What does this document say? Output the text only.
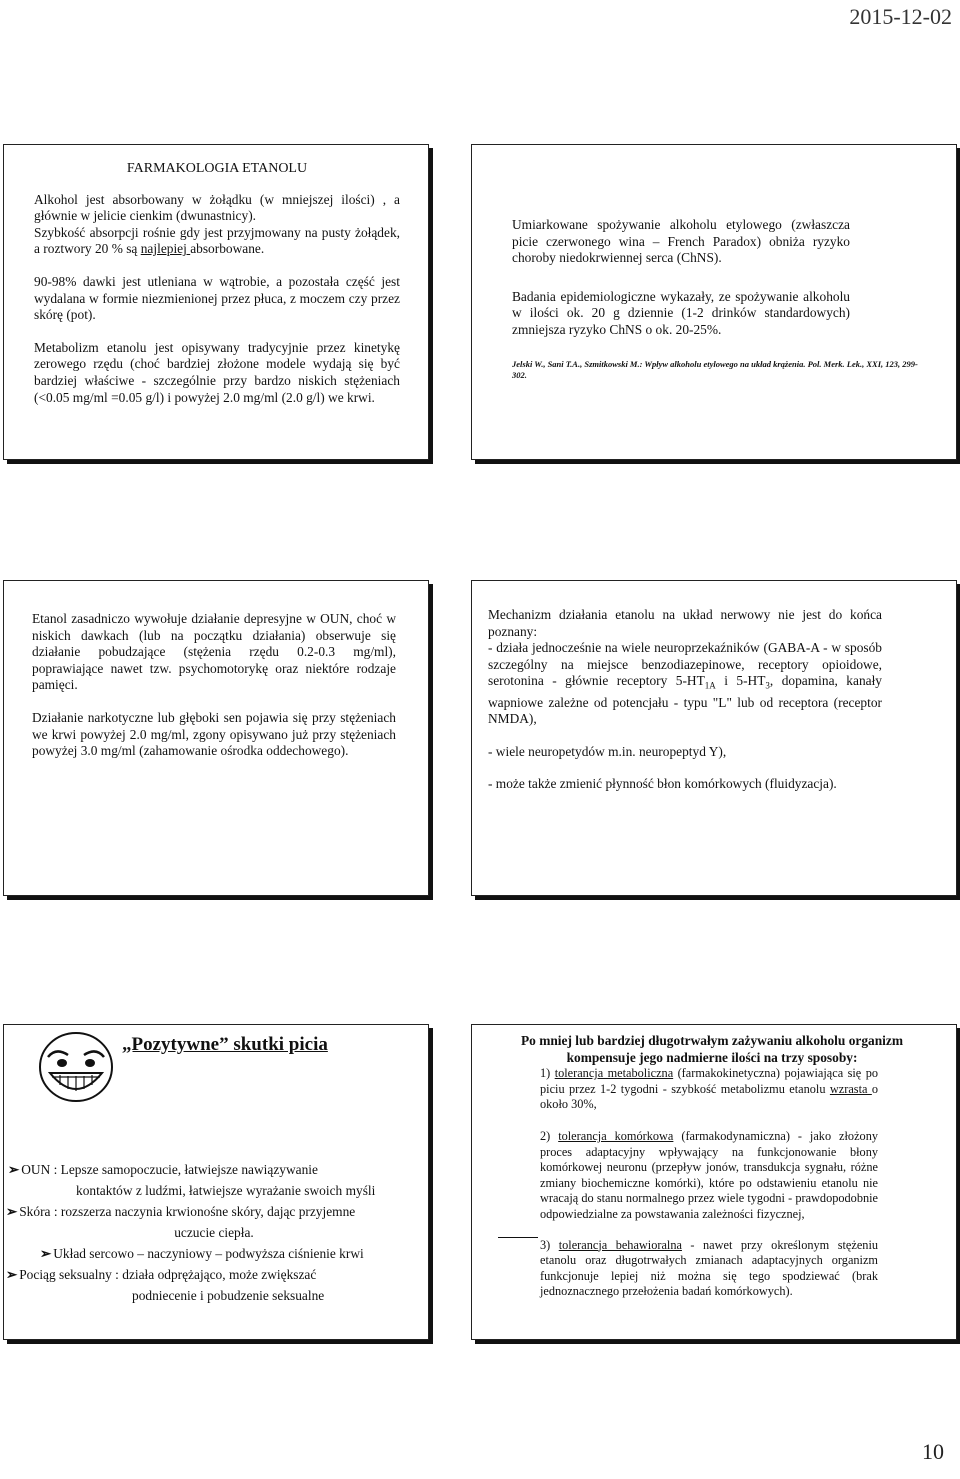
2015-12-02

FARMAKOLOGIA ETANOLU

Alkohol jest absorbowany w żołądku (w mniejszej ilości) , a głównie w jelicie cienkim (dwunastnicy).

Szybkość absorpcji rośnie gdy jest przyjmowany na pusty żołądek, a roztwory 20 % są najlepiej absorbowane.

90-98% dawki jest utleniana w wątrobie, a pozostała część jest wydalana w formie niezmienionej przez płuca, z moczem czy przez skórę (pot).

Metabolizm etanolu jest opisywany tradycyjnie przez kinetykę zerowego rzędu (choć bardziej złożone modele wydają się być bardziej właściwe - szczególnie przy bardzo niskich stężeniach (<0.05 mg/ml =0.05 g/l) i powyżej 2.0 mg/ml (2.0 g/l) we krwi.

Umiarkowane spożywanie alkoholu etylowego (zwłaszcza picie czerwonego wina – French Paradox) obniża ryzyko choroby niedokrwiennej serca (ChNS).

Badania epidemiologiczne wykazały, ze spożywanie alkoholu w ilości ok. 20 g dziennie (1-2 drinków standardowych) zmniejsza ryzyko ChNS o ok. 20-25%.

Jelski W., Sani T.A., Szmitkowski M.: Wpływ alkoholu etylowego na układ krążenia. Pol. Merk. Lek., XXI, 123, 299-302.

Etanol zasadniczo wywołuje działanie depresyjne w OUN, choć w niskich dawkach (lub na początku działania) obserwuje się działanie pobudzające (stężenia rzędu 0.2-0.3 mg/ml), poprawiające nawet tzw. psychomotorykę oraz niektóre rodzaje pamięci.

Działanie narkotyczne lub głęboki sen pojawia się przy stężeniach we krwi powyżej 2.0 mg/ml, zgony opisywano już przy stężeniach powyżej 3.0 mg/ml (zahamowanie ośrodka oddechowego).

Mechanizm działania etanolu na układ nerwowy nie jest do końca poznany:

- działa jednocześnie na wiele neuroprzekaźników (GABA-A - w sposób szczególny na miejsce benzodiazepinowe, receptory opioidowe, serotonina - głównie receptory $5-HT_{1A}$ i $5-HT_3$, dopamina, kanały wapniowe zależne od potencjału - typu "L" lub od receptora (receptor NMDA),

- wiele neuropetydów m.in. neuropeptyd Y),

- może także zmienić płynność błon komórkowych (fluidyzacja).

„Pozytywne” skutki picia
➢ OUN : Lepsze samopoczucie, łatwiejsze nawiązywanie
kontaktów z ludźmi, łatwiejsze wyrażanie swoich myśli
➢ Skóra : rozszerza naczynia krwionośne skóry, dając przyjemne
uczucie ciepła.
➢ Układ sercowo – naczyniowy – podwyższa ciśnienie krwi
➢ Pociąg seksualny : działa odprężająco, może zwiększać
podniecenie i pobudzenie seksualne

Po mniej lub bardziej długotrwałym zażywaniu alkoholu organizm kompensuje jego nadmierne ilości na trzy sposoby:

1) tolerancja metaboliczna (farmakokinetyczna) pojawiająca się po piciu przez 1-2 tygodni - szybkość metabolizmu etanolu wzrasta o około 30%,

2) tolerancja komórkowa (farmakodynamiczna) - jako złożony proces adaptacyjny wpływający na funkcjonowanie błony komórkowej neuronu (przepływ jonów, transdukcja sygnału, różne zmiany biochemicznе komórki), które po odstawieniu etanolu nie wracają do stanu normalnego przez wiele tygodni - prawdopodobnie odpowiedzialne za powstawania zależności fizycznej,

3) tolerancja behawioralna - nawet przy określonym stężeniu etanolu oraz długotrwałych zmianach adaptacyjnych organizm funkcjonuje lepiej niż można się tego spodziewać (brak jednoznacznego przełożenia badań komórkowych).

10
